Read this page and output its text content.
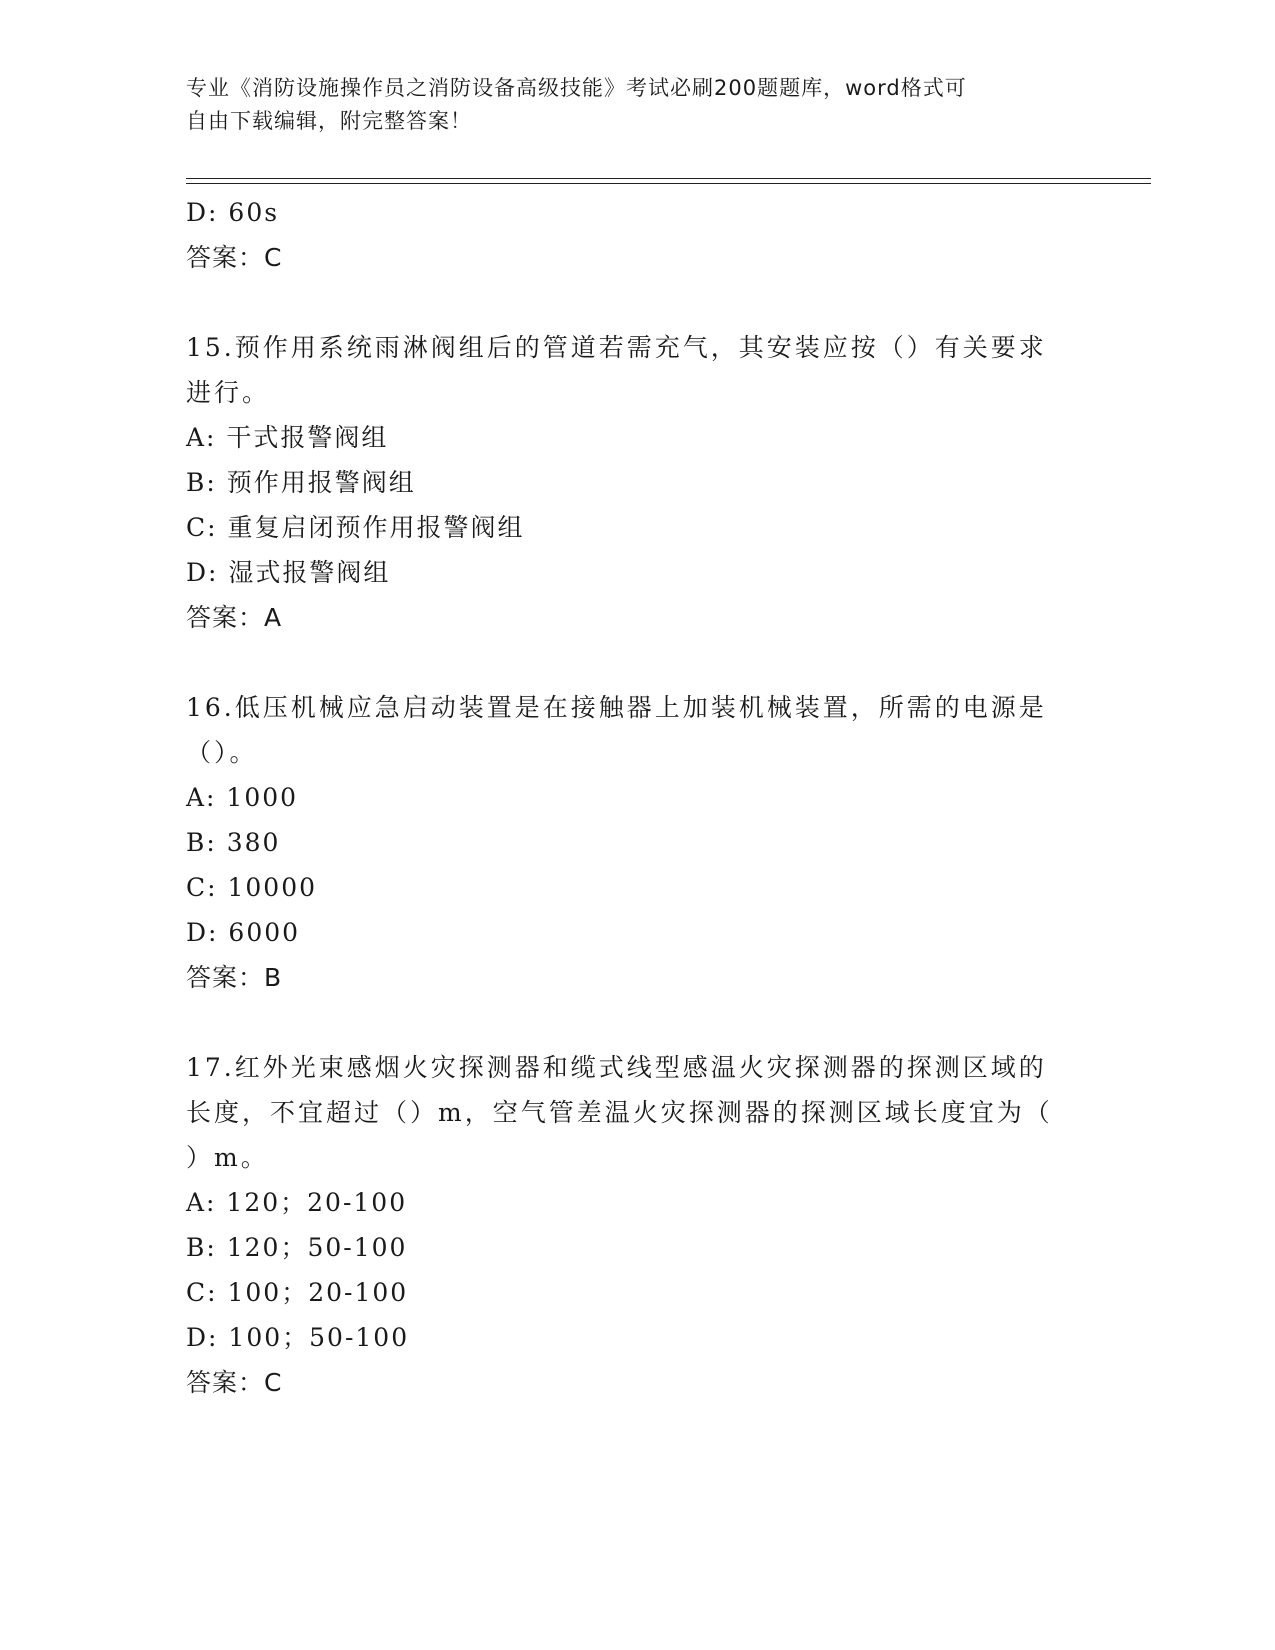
专业《消防设施操作员之消防设备高级技能》考试必刷200题题库，word格式可
自由下载编辑，附完整答案！
D: 60s
答案：C
15.预作用系统雨淋阀组后的管道若需充气，其安装应按（）有关要求
进行。
A: 干式报警阀组
B: 预作用报警阀组
C: 重复启闭预作用报警阀组
D: 湿式报警阀组
答案：A
16.低压机械应急启动装置是在接触器上加装机械装置，所需的电源是
（）。
A: 1000
B: 380
C: 10000
D: 6000
答案：B
17.红外光束感烟火灾探测器和缆式线型感温火灾探测器的探测区域的
长度，不宜超过（）m，空气管差温火灾探测器的探测区域长度宜为（
）m。
A: 120；20-100
B: 120；50-100
C: 100；20-100
D: 100；50-100
答案：C
